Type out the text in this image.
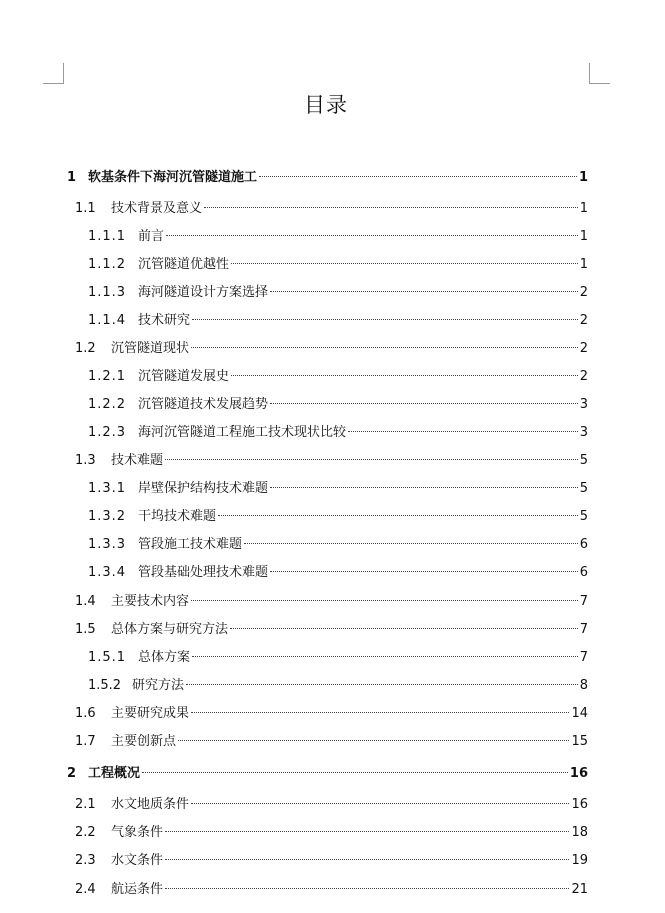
目录
1 软基条件下海河沉管隧道施工	1
1.1	技术背景及意义	1
1.1.1 前言	1
1.1.2 沉管隧道优越性	1
1.1.3 海河隧道设计方案选择	2
1.1.4 技术研究	2
1.2	沉管隧道现状	2
1.2.1 沉管隧道发展史	2
1.2.2 沉管隧道技术发展趋势	3
1.2.3 海河沉管隧道工程施工技术现状比较	3
1.3	技术难题	5
1.3.1 岸壁保护结构技术难题	5
1.3.2 干坞技术难题	5
1.3.3 管段施工技术难题	6
1.3.4 管段基础处理技术难题	6
1.4	主要技术内容	7
1.5	总体方案与研究方法	7
1.5.1 总体方案	7
1.5.2 研究方法	8
1.6	主要研究成果	14
1.7	主要创新点	15
2 工程概况	16
2.1	水文地质条件	16
2.2	气象条件	18
2.3	水文条件	19
2.4	航运条件	21
